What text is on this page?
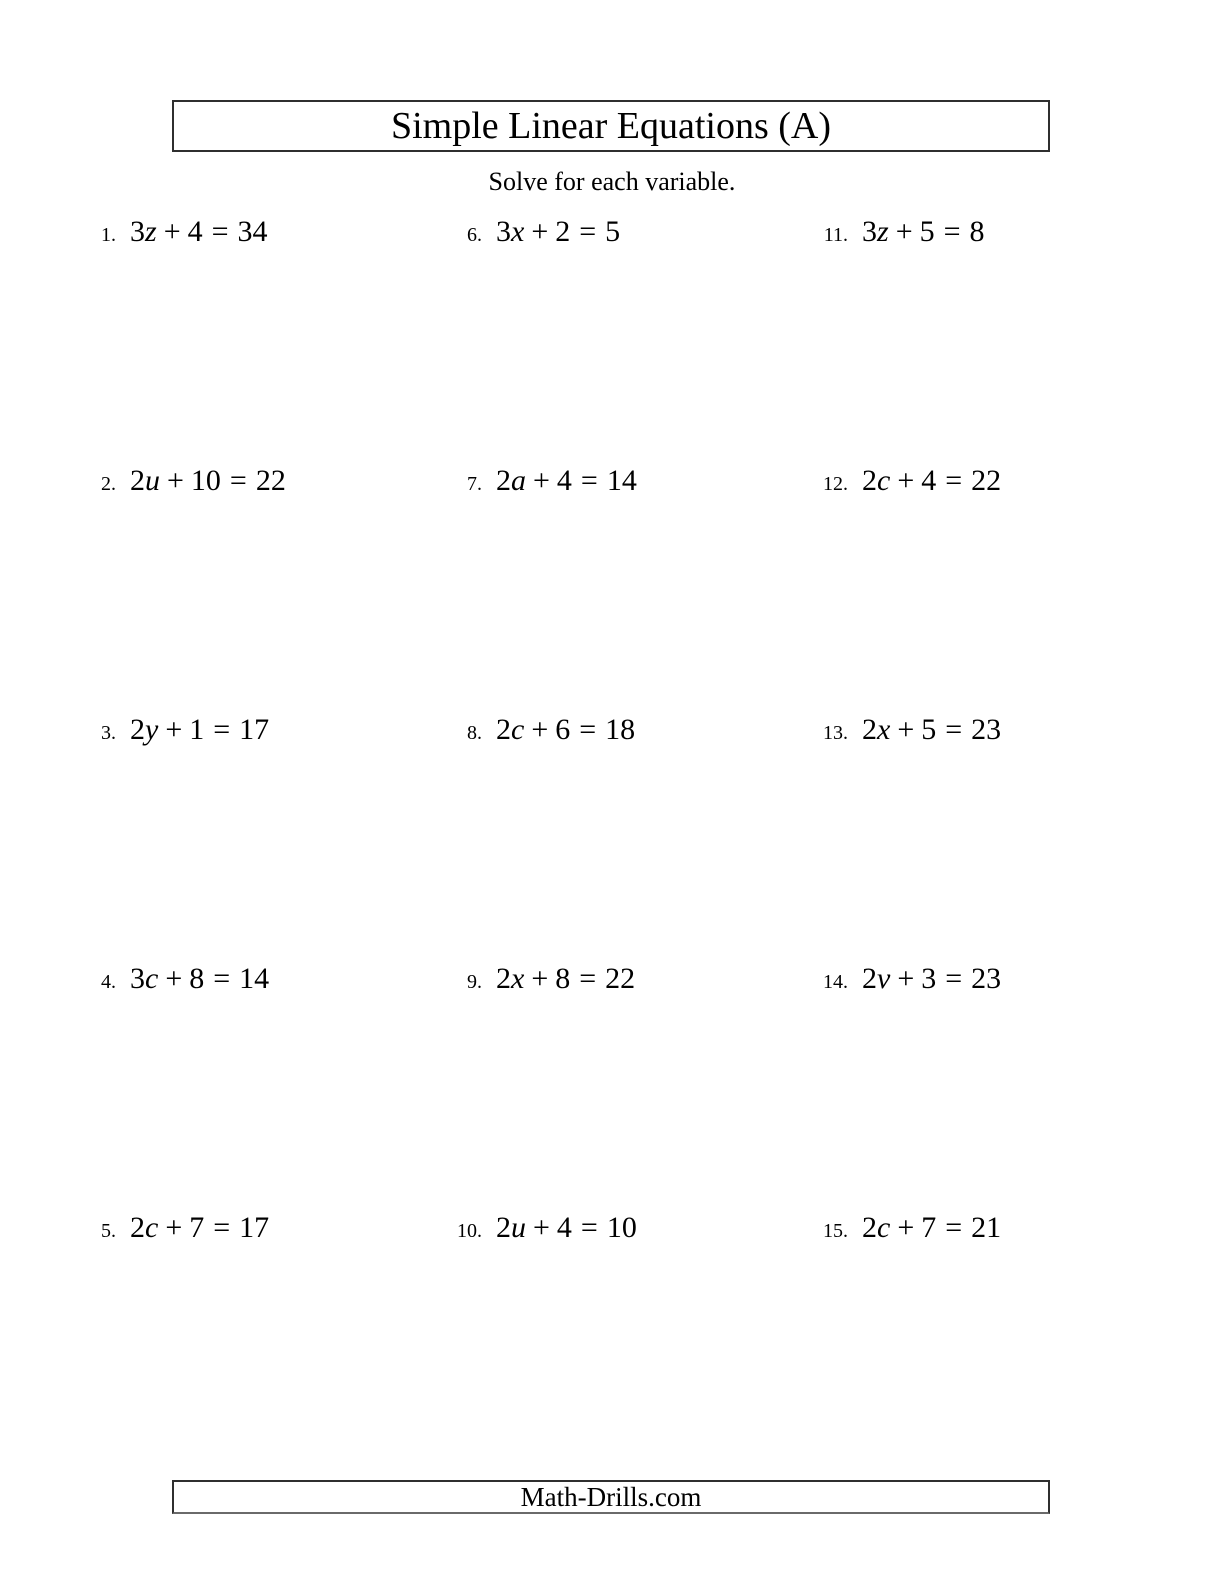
Simple Linear Equations (A)
Solve for each variable.
1. 3z + 4 = 34
2. 2u + 10 = 22
3. 2y + 1 = 17
4. 3c + 8 = 14
5. 2c + 7 = 17
6. 3x + 2 = 5
7. 2a + 4 = 14
8. 2c + 6 = 18
9. 2x + 8 = 22
10. 2u + 4 = 10
11. 3z + 5 = 8
12. 2c + 4 = 22
13. 2x + 5 = 23
14. 2v + 3 = 23
15. 2c + 7 = 21
Math-Drills.com
